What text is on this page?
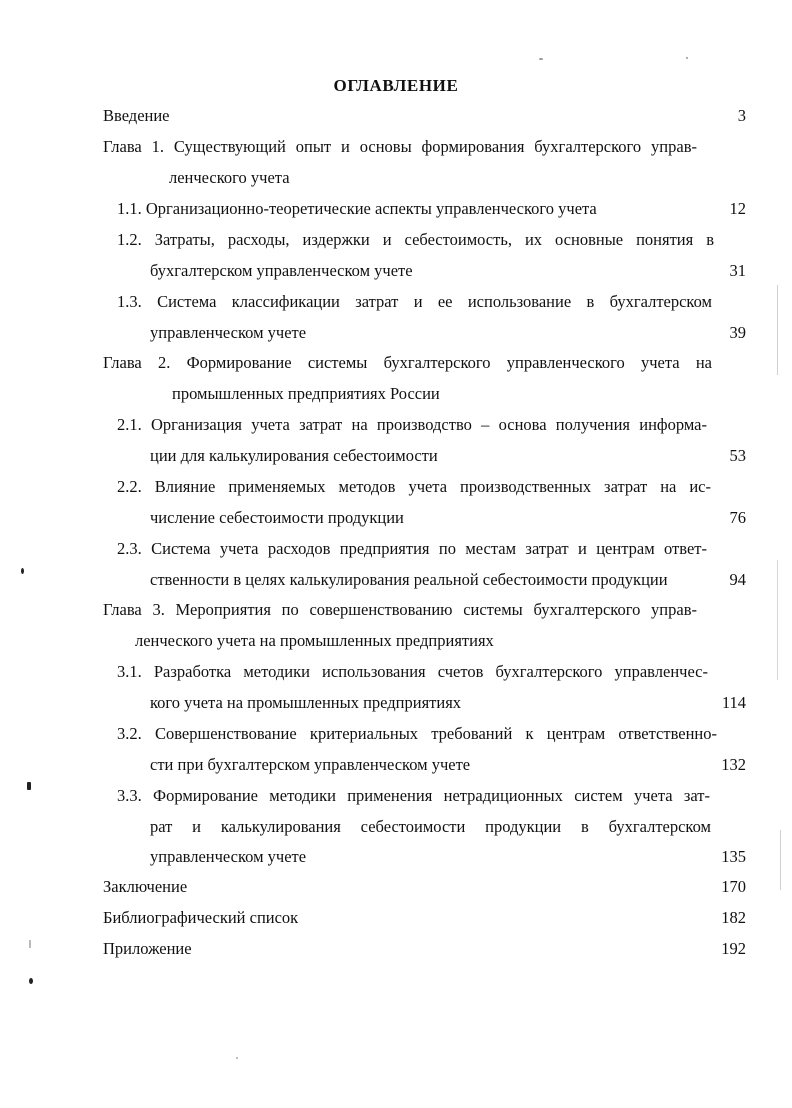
ОГЛАВЛЕНИЕ
Введение	3
Глава 1. Существующий опыт и основы формирования бухгалтерского управ-
ленческого учета
1.1. Организационно-теоретические аспекты управленческого учета	12
1.2. Затраты, расходы, издержки и себестоимость, их основные понятия в
бухгалтерском управленческом учете	31
1.3. Система классификации затрат и ее использование в бухгалтерском
управленческом учете	39
Глава 2. Формирование системы бухгалтерского управленческого учета на
промышленных предприятиях России
2.1. Организация учета затрат на производство – основа получения информа-
ции для калькулирования себестоимости	53
2.2. Влияние применяемых методов учета производственных затрат на ис-
числение себестоимости продукции	76
2.3. Система учета расходов предприятия по местам затрат и центрам ответ-
ственности в целях калькулирования реальной себестоимости продукции	94
Глава 3. Мероприятия по совершенствованию системы бухгалтерского управ-
ленческого учета на промышленных предприятиях
3.1. Разработка методики использования счетов бухгалтерского управленчес-
кого учета на промышленных предприятиях	114
3.2. Совершенствование критериальных требований к центрам ответственно-
сти при бухгалтерском управленческом учете	132
3.3. Формирование методики применения нетрадиционных систем учета зат-
рат и калькулирования себестоимости продукции в бухгалтерском
управленческом учете	135
Заключение	170
Библиографический список	182
Приложение	192
